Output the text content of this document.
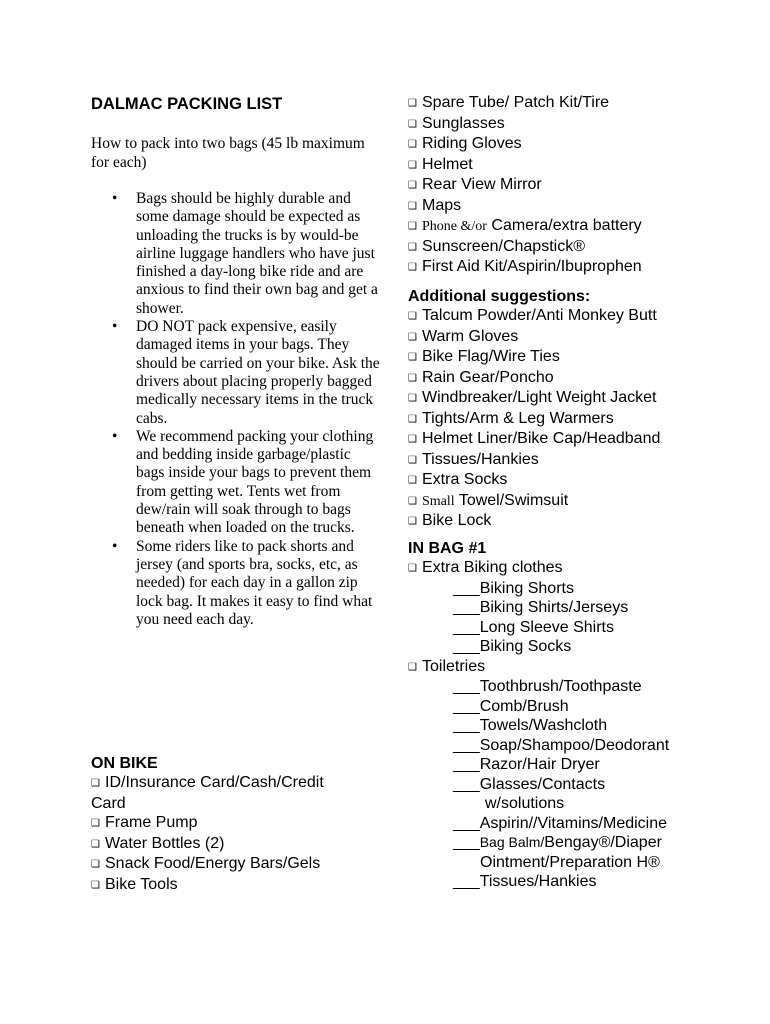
DALMAC PACKING LIST
How to pack into two bags (45 lb maximum for each)
• Bags should be highly durable and some damage should be expected as unloading the trucks is by would-be airline luggage handlers who have just finished a day-long bike ride and are anxious to find their own bag and get a shower.
• DO NOT pack expensive, easily damaged items in your bags. They should be carried on your bike. Ask the drivers about placing properly bagged medically necessary items in the truck cabs.
• We recommend packing your clothing and bedding inside garbage/plastic bags inside your bags to prevent them from getting wet. Tents wet from dew/rain will soak through to bags beneath when loaded on the trucks.
• Some riders like to pack shorts and jersey (and sports bra, socks, etc, as needed) for each day in a gallon zip lock bag. It makes it easy to find what you need each day.
ON BIKE
❑ ID/Insurance Card/Cash/Credit
Card
❑ Frame Pump
❑ Water Bottles (2)
❑ Snack Food/Energy Bars/Gels
❑ Bike Tools
❑ Spare Tube/ Patch Kit/Tire
❑ Sunglasses
❑ Riding Gloves
❑ Helmet
❑ Rear View Mirror
❑ Maps
❑ Phone &/or Camera/extra battery
❑ Sunscreen/Chapstick®
❑ First Aid Kit/Aspirin/Ibuprophen
Additional suggestions:
❑ Talcum Powder/Anti Monkey Butt
❑ Warm Gloves
❑ Bike Flag/Wire Ties
❑ Rain Gear/Poncho
❑ Windbreaker/Light Weight Jacket
❑ Tights/Arm & Leg Warmers
❑ Helmet Liner/Bike Cap/Headband
❑ Tissues/Hankies
❑ Extra Socks
❑ Small Towel/Swimsuit
❑ Bike Lock
IN BAG #1
❑ Extra Biking clothes
___Biking Shorts
___Biking Shirts/Jerseys
___Long Sleeve Shirts
___Biking Socks
❑ Toiletries
___Toothbrush/Toothpaste
___Comb/Brush
___Towels/Washcloth
___Soap/Shampoo/Deodorant
___Razor/Hair Dryer
___Glasses/Contacts
w/solutions
___Aspirin//Vitamins/Medicine
___Bag Balm/Bengay®/Diaper
Ointment/Preparation H®
___Tissues/Hankies
